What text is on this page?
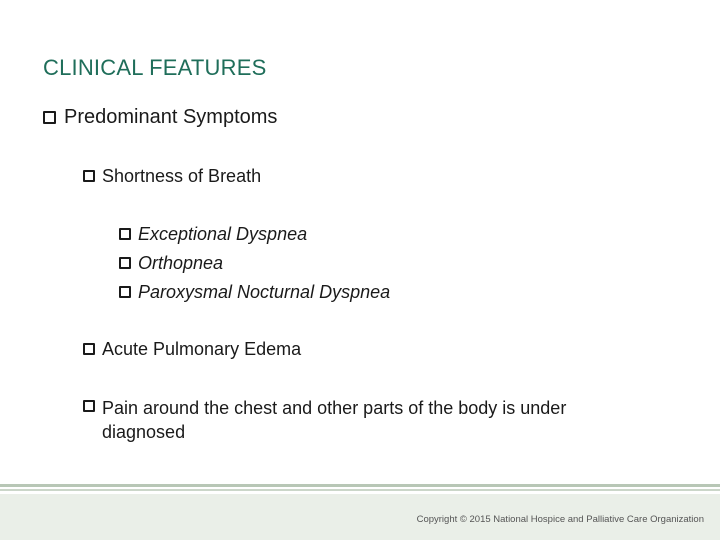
CLINICAL FEATURES
Predominant Symptoms
Shortness of Breath
Exceptional Dyspnea
Orthopnea
Paroxysmal Nocturnal Dyspnea
Acute Pulmonary Edema
Pain around the chest and other parts of the body is under diagnosed
Copyright © 2015 National Hospice and Palliative Care Organization
